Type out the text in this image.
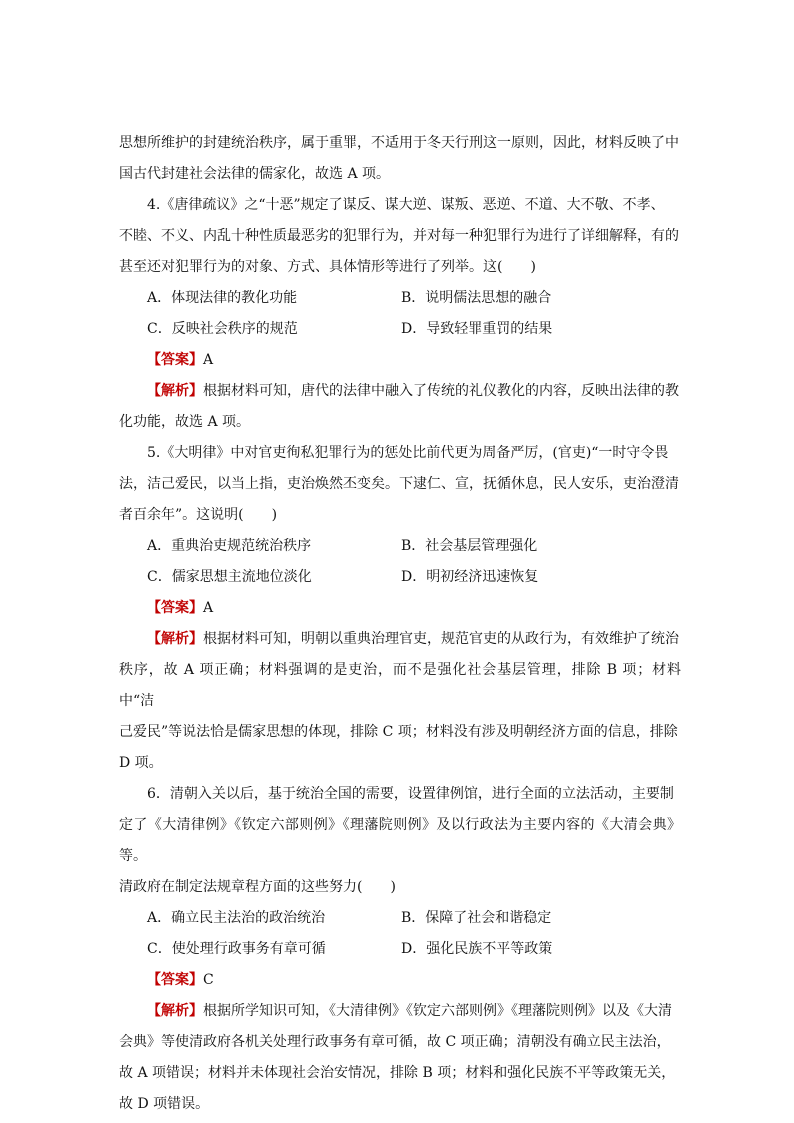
思想所维护的封建统治秩序，属于重罪，不适用于冬天行刑这一原则，因此，材料反映了中

国古代封建社会法律的儒家化，故选 A 项。

4.《唐律疏议》之“十恶”规定了谋反、谋大逆、谋叛、恶逆、不道、大不敬、不孝、

不睦、不义、内乱十种性质最恶劣的犯罪行为，并对每一种犯罪行为进行了详细解释，有的

甚至还对犯罪行为的对象、方式、具体情形等进行了列举。这(　　)

A．体现法律的教化功能	B．说明儒法思想的融合
C．反映社会秩序的规范	D．导致轻罪重罚的结果
【答案】A

【解析】根据材料可知，唐代的法律中融入了传统的礼仪教化的内容，反映出法律的教

化功能，故选 A 项。

5.《大明律》中对官吏徇私犯罪行为的惩处比前代更为周备严厉，(官吏)“一时守令畏

法，洁己爱民，以当上指，吏治焕然丕变矣。下逮仁、宣，抚循休息，民人安乐，吏治澄清

者百余年”。这说明(　　)

A．重典治吏规范统治秩序	B．社会基层管理强化
C．儒家思想主流地位淡化	D．明初经济迅速恢复
【答案】A

【解析】根据材料可知，明朝以重典治理官吏，规范官吏的从政行为，有效维护了统治

秩序，故 A 项正确；材料强调的是吏治，而不是强化社会基层管理，排除 B 项；材料中“洁

己爱民”等说法恰是儒家思想的体现，排除 C 项；材料没有涉及明朝经济方面的信息，排除

D 项。

6．清朝入关以后，基于统治全国的需要，设置律例馆，进行全面的立法活动，主要制

定了《大清律例》《钦定六部则例》《理藩院则例》及以行政法为主要内容的《大清会典》等。

清政府在制定法规章程方面的这些努力(　　)

A．确立民主法治的政治统治	B．保障了社会和谐稳定
C．使处理行政事务有章可循	D．强化民族不平等政策
【答案】C

【解析】根据所学知识可知，《大清律例》《钦定六部则例》《理藩院则例》以及《大清

会典》等使清政府各机关处理行政事务有章可循，故 C 项正确；清朝没有确立民主法治，

故 A 项错误；材料并未体现社会治安情况，排除 B 项；材料和强化民族不平等政策无关，

故 D 项错误。
